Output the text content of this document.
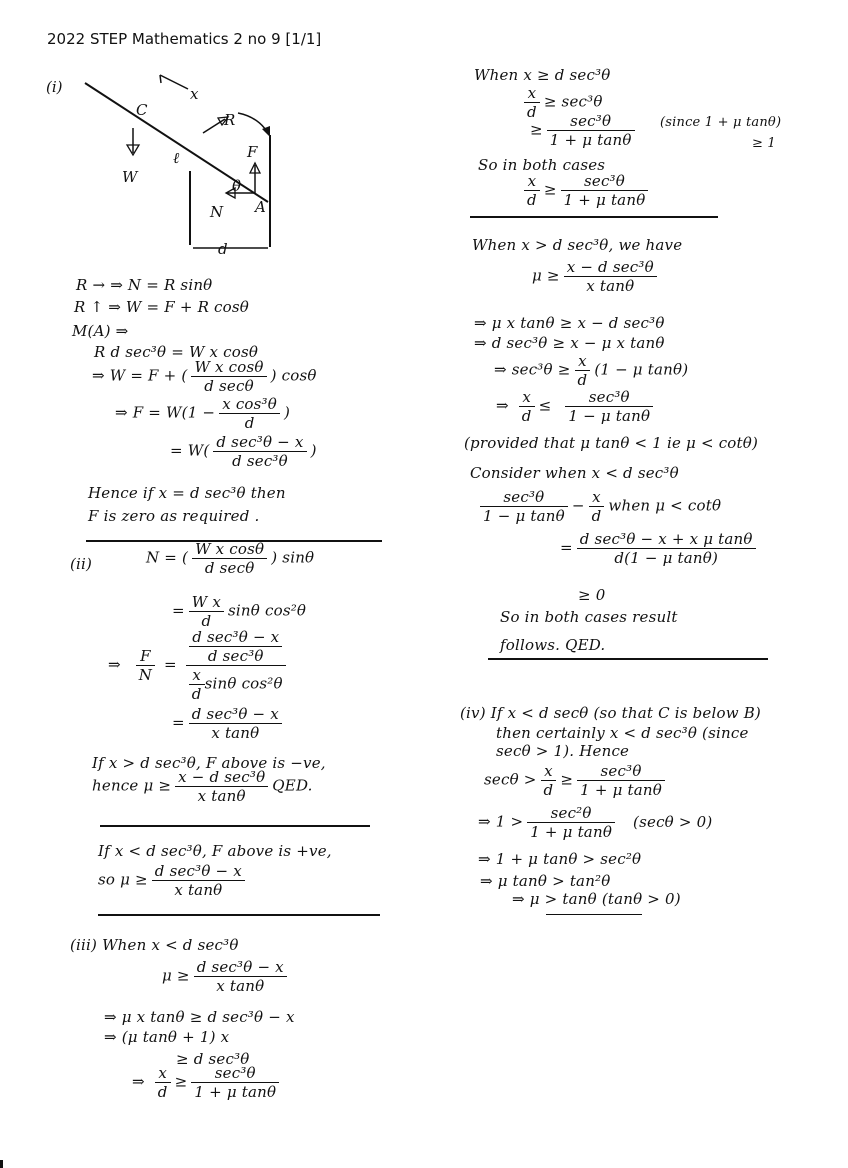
2022 STEP Mathematics 2 no 9 [1/1]
(i)	x
C
W
R
ℓ	F
N
θ
A
d
R → ⇒ N = R sinθ
R ↑ ⇒ W = F + R cosθ
M(A) ⇒
R d sec³θ = W x cosθ
⇒ W = F + ( $\frac{\text{W x cosθ}}{\text{d secθ}}$ ) cosθ
⇒ $F = W(1 - \frac{\text{x cos³θ}}{d}$ )
= $W( \frac{\text{d sec³θ − x}}{\text{d sec³θ}}$ )
Hence if x = d sec³θ then
F is zero as required .
(ii)	N = ( $\frac{\text{W x cosθ}}{\text{d secθ}}$ ) sinθ
= $\frac{\text{W x}}{d}$ sinθ cos²θ
⇒ $\frac{F}{N} = \frac{\frac{\text{d sec³θ − x}}{\text{d sec³θ}}}{\frac{x}{d} \sin\theta \cos^2\theta}$
= $\frac{\text{d sec³θ − x}}{\text{x tanθ}}$
If x > d sec³θ, F above is −ve,
hence $\mu \ge \frac{\text{x − d sec³θ}}{\text{x tanθ}}$ QED.
If x < d sec³θ, F above is +ve,
so $\mu \ge \frac{\text{d sec³θ − x}}{\text{x tanθ}}$
(iii) When x < d sec³θ
$\mu \ge \frac{\text{d sec³θ − x}}{\text{x tanθ}}$
⇒ μ x tanθ ≥ d sec³θ − x
⇒ (μ tanθ + 1) x
≥ d sec³θ
⇒ $\frac{x}{d} \ge \frac{\text{sec³θ}}{\text{1 + μ tanθ}}$
When x ≥ d sec³θ
$\frac{x}{d} \ge \sec^3\theta$
≥ $\frac{\text{sec³θ}}{\text{1 + μ tanθ}}$ (since 1 + μ tanθ)
≥ 1
So in both cases
$\frac{x}{d} \ge \frac{\text{sec³θ}}{\text{1 + μ tanθ}}$
When x > d sec³θ, we have
$\mu \ge \frac{\text{x − d sec³θ}}{\text{x tanθ}}$
⇒ μ x tanθ ≥ x − d sec³θ
⇒ d sec³θ ≥ x − μ x tanθ
⇒ $\sec^3\theta \ge \frac{x}{d} (1 - \mu$ tanθ)
⇒ $\frac{x}{d} \le \frac{\text{sec³θ}}{\text{1 − μ tanθ}}$
(provided that μ tanθ < 1 ie μ < cotθ)
Consider when x < d sec³θ
$\frac{\text{sec³θ}}{\text{1 − μ tanθ}} - \frac{x}{d}$ when μ < cotθ
= $\frac{\text{d sec³θ − x + x μ tanθ}}{\text{d(1 − μ tanθ)}}$
≥ 0
So in both cases result
follows. QED.
(iv) If x < d secθ (so that C is below B)
then certainly x < d sec³θ (since
secθ > 1). Hence
$\sec\theta > \frac{x}{d} \ge \frac{\text{sec³θ}}{\text{1 + μ tanθ}}$
⇒ $1 > \frac{\text{sec²θ}}{\text{1 + μ tanθ}} (\sec\theta > 0)$
⇒ 1 + μ tanθ > sec²θ
⇒ μ tanθ > tan²θ
⇒ μ > tanθ (tanθ > 0)
